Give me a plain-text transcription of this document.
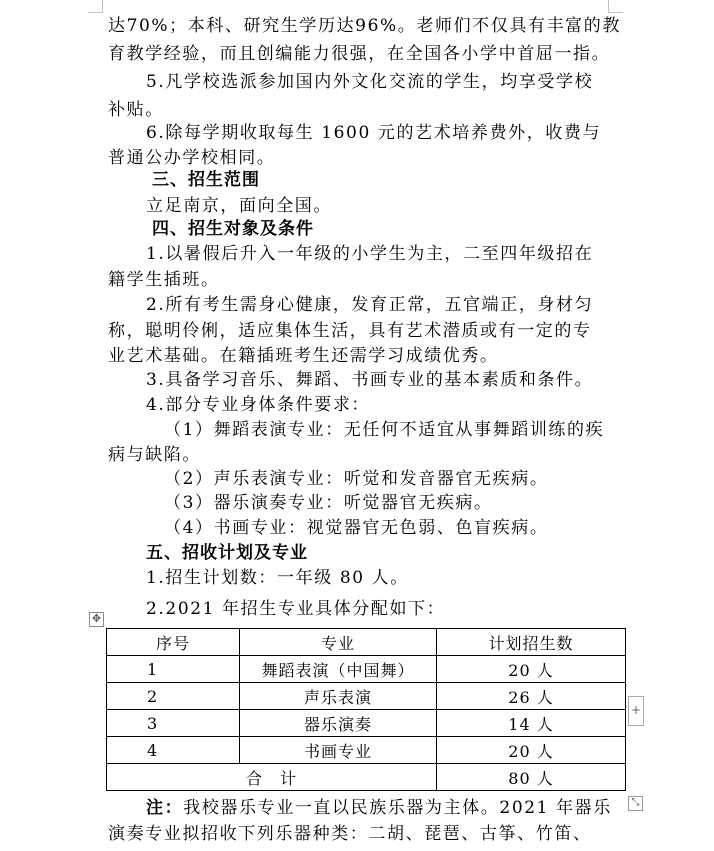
达70%；本科、研究生学历达96%。老师们不仅具有丰富的教
育教学经验，而且创编能力很强，在全国各小学中首屈一指。
5.凡学校选派参加国内外文化交流的学生，均享受学校
补贴。
6.除每学期收取每生 1600 元的艺术培养费外，收费与
普通公办学校相同。
三、招生范围
立足南京，面向全国。
四、招生对象及条件
1.以暑假后升入一年级的小学生为主，二至四年级招在
籍学生插班。
2.所有考生需身心健康，发育正常，五官端正，身材匀
称，聪明伶俐，适应集体生活，具有艺术潜质或有一定的专
业艺术基础。在籍插班考生还需学习成绩优秀。
3.具备学习音乐、舞蹈、书画专业的基本素质和条件。
4.部分专业身体条件要求：
（1）舞蹈表演专业：无任何不适宜从事舞蹈训练的疾
病与缺陷。
（2）声乐表演专业：听觉和发音器官无疾病。
（3）器乐演奏专业：听觉器官无疾病。
（4）书画专业：视觉器官无色弱、色盲疾病。
五、招收计划及专业
1.招生计划数：一年级 80 人。
2.2021 年招生专业具体分配如下：
✥
序号	专业	计划招生数
1	舞蹈表演（中国舞）	20 人
2	声乐表演	26 人
3	器乐演奏	14 人
4	书画专业	20 人
合　计		80 人
+
⤡
注：我校器乐专业一直以民族乐器为主体。2021 年器乐
演奏专业拟招收下列乐器种类：二胡、琵琶、古筝、竹笛、
